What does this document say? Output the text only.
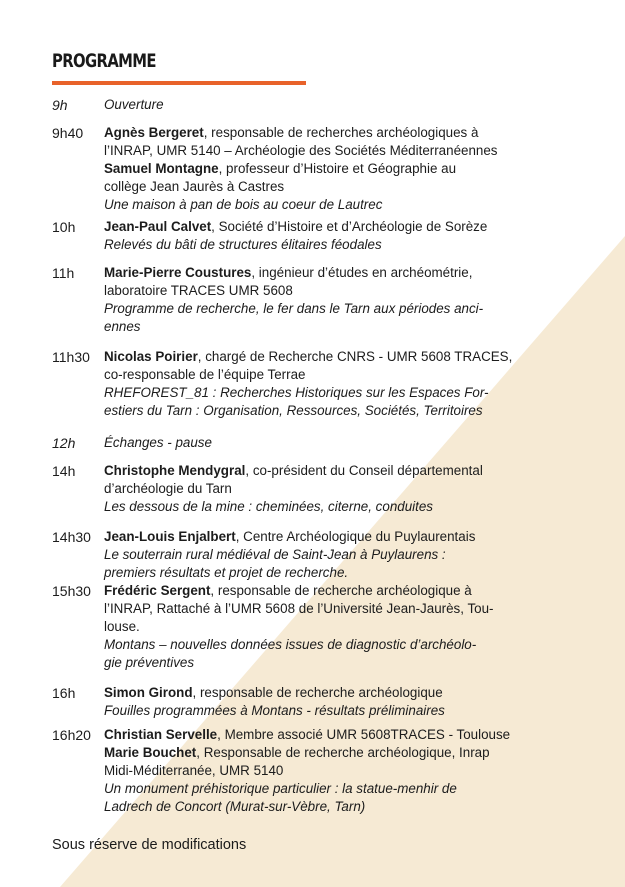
PROGRAMME
9h	Ouverture
9h40 Agnès Bergeret, responsable de recherches archéologiques à
l’INRAP, UMR 5140 – Archéologie des Sociétés Méditerranéennes
Samuel Montagne, professeur d’Histoire et Géographie au
collège Jean Jaurès à Castres
Une maison à pan de bois au coeur de Lautrec
10h Jean-Paul Calvet, Société d’Histoire et d’Archéologie de Sorèze
Relevés du bâti de structures élitaires féodales
11h Marie-Pierre Coustures, ingénieur d’études en archéométrie,
laboratoire TRACES UMR 5608
Programme de recherche, le fer dans le Tarn aux périodes anci-
ennes
11h30 Nicolas Poirier, chargé de Recherche CNRS - UMR 5608 TRACES,
co-responsable de l’équipe Terrae
RHEFOREST_81 : Recherches Historiques sur les Espaces For-
estiers du Tarn : Organisation, Ressources, Sociétés, Territoires
12h Échanges - pause
14h Christophe Mendygral, co-président du Conseil départemental
d’archéologie du Tarn
Les dessous de la mine : cheminées, citerne, conduites
14h30 Jean-Louis Enjalbert, Centre Archéologique du Puylaurentais
Le souterrain rural médiéval de Saint-Jean à Puylaurens :
premiers résultats et projet de recherche.
15h30 Frédéric Sergent, responsable de recherche archéologique à
l’INRAP, Rattaché à l’UMR 5608 de l’Université Jean-Jaurès, Tou-
louse.
Montans – nouvelles données issues de diagnostic d’archéolo-
gie préventives
16h Simon Girond, responsable de recherche archéologique
Fouilles programmées à Montans - résultats préliminaires
16h20 Christian Servelle, Membre associé UMR 5608TRACES - Toulouse
Marie Bouchet, Responsable de recherche archéologique, Inrap
Midi-Méditerranée, UMR 5140
Un monument préhistorique particulier : la statue-menhir de
Ladrech de Concort (Murat-sur-Vèbre, Tarn)
Sous réserve de modifications
